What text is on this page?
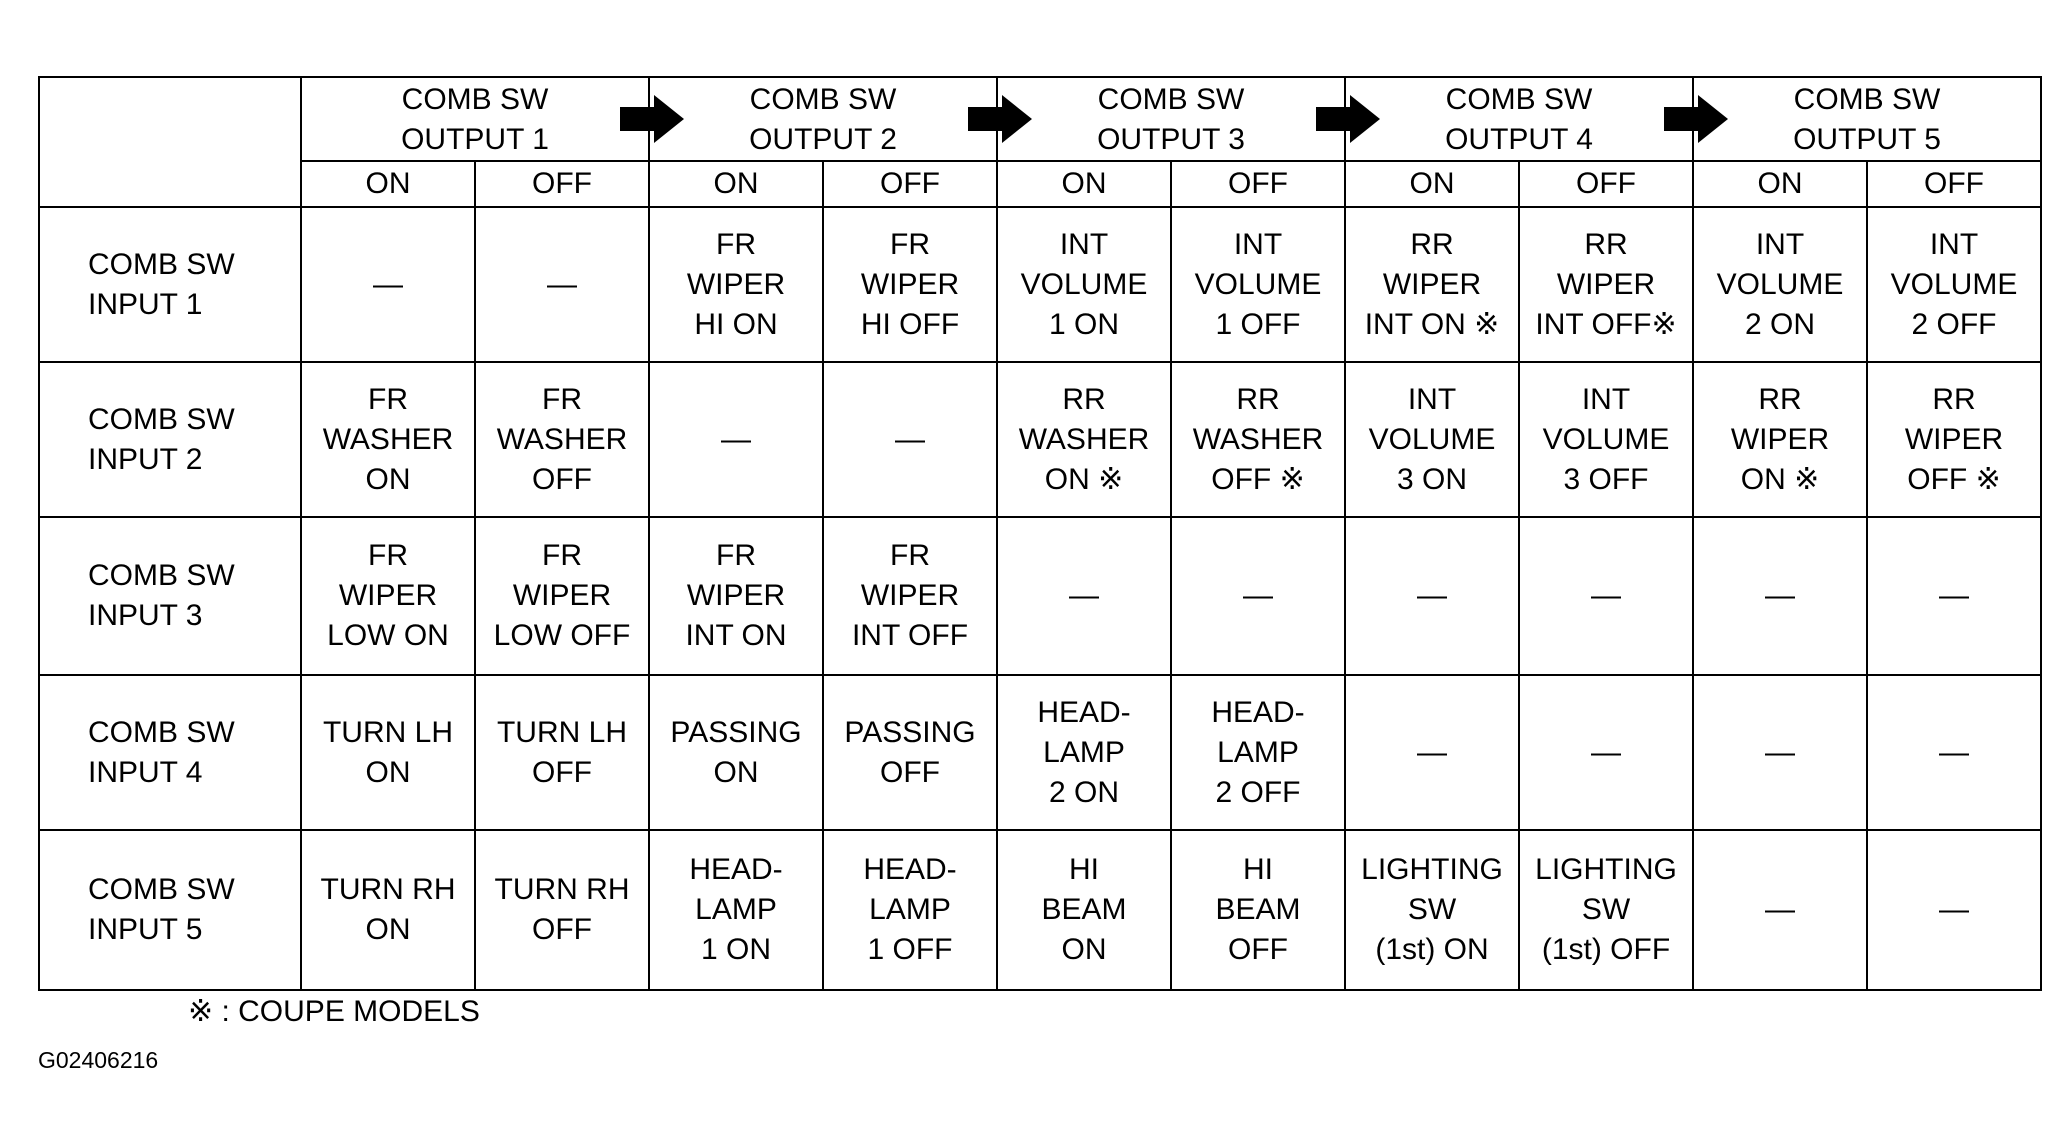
	COMB SW
OUTPUT 1		COMB SW
OUTPUT 2		COMB SW
OUTPUT 3		COMB SW
OUTPUT 4		COMB SW
OUTPUT 5	
	ON	OFF	ON	OFF	ON	OFF	ON	OFF	ON	OFF
COMB SW
INPUT 1	—	—	FR
WIPER
HI ON	FR
WIPER
HI OFF	INT
VOLUME
1 ON	INT
VOLUME
1 OFF	RR
WIPER
INT ON ※	RR
WIPER
INT OFF※	INT
VOLUME
2 ON	INT
VOLUME
2 OFF
COMB SW
INPUT 2	FR
WASHER
ON	FR
WASHER
OFF	—	—	RR
WASHER
ON ※	RR
WASHER
OFF ※	INT
VOLUME
3 ON	INT
VOLUME
3 OFF	RR
WIPER
ON ※	RR
WIPER
OFF ※
COMB SW
INPUT 3	FR
WIPER
LOW ON	FR
WIPER
LOW OFF	FR
WIPER
INT ON	FR
WIPER
INT OFF	—	—	—	—	—	—
COMB SW
INPUT 4	TURN LH
ON	TURN LH
OFF	PASSING
ON	PASSING
OFF	HEAD-
LAMP
2 ON	HEAD-
LAMP
2 OFF	—	—	—	—
COMB SW
INPUT 5	TURN RH
ON	TURN RH
OFF	HEAD-
LAMP
1 ON	HEAD-
LAMP
1 OFF	HI
BEAM
ON	HI
BEAM
OFF	LIGHTING
SW
(1st) ON	LIGHTING
SW
(1st) OFF	—	—
※ : COUPE MODELS
G02406216
